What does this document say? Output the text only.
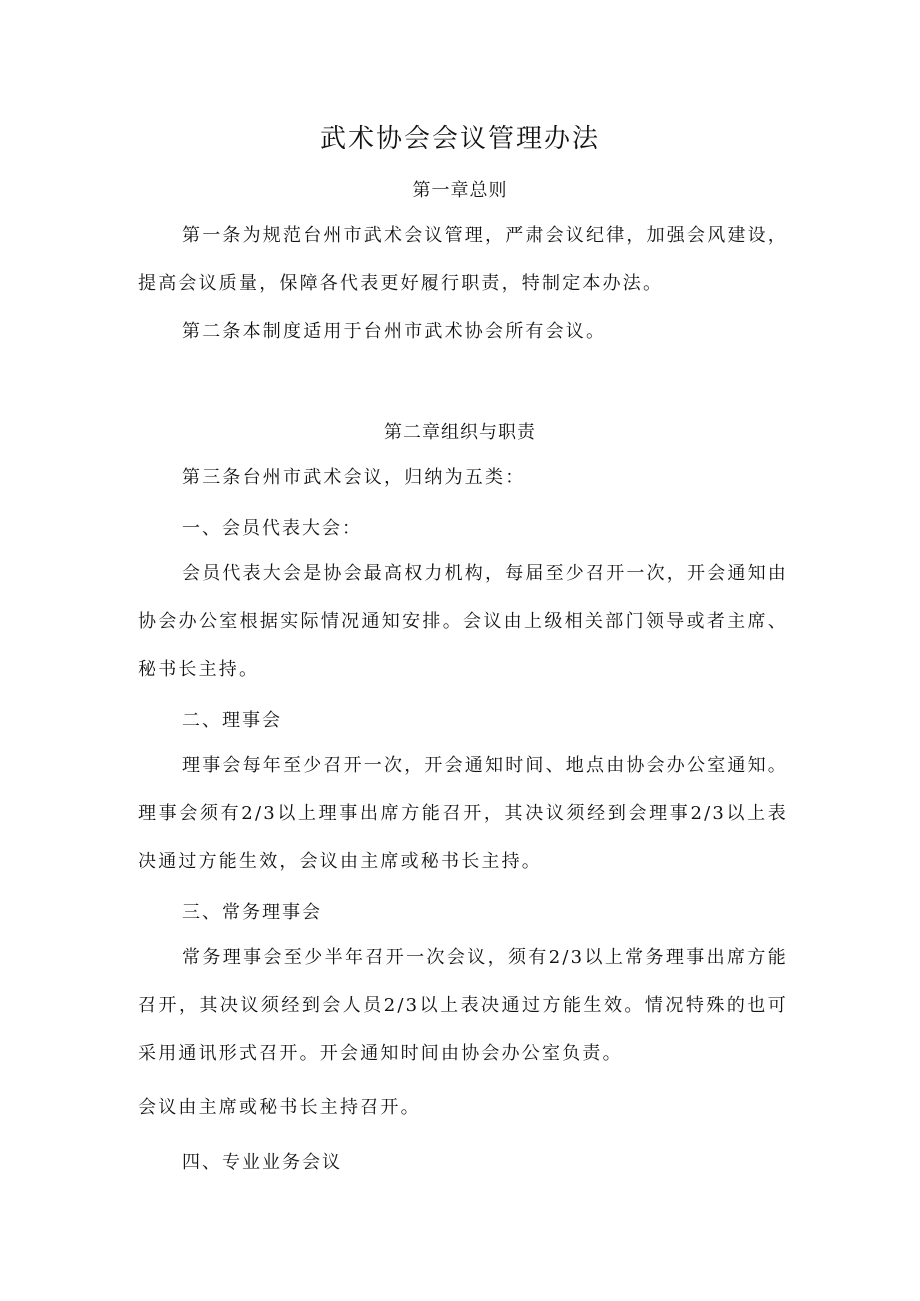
武术协会会议管理办法
第一章总则

第一条为规范台州市武术会议管理，严肃会议纪律，加强会风建设，提高会议质量，保障各代表更好履行职责，特制定本办法。

第二条本制度适用于台州市武术协会所有会议。

第二章组织与职责

第三条台州市武术会议，归纳为五类：

一、会员代表大会：

会员代表大会是协会最高权力机构，每届至少召开一次，开会通知由协会办公室根据实际情况通知安排。会议由上级相关部门领导或者主席、秘书长主持。

二、理事会

理事会每年至少召开一次，开会通知时间、地点由协会办公室通知。理事会须有2/3以上理事出席方能召开，其决议须经到会理事2/3以上表决通过方能生效，会议由主席或秘书长主持。

三、常务理事会

常务理事会至少半年召开一次会议，须有2/3以上常务理事出席方能召开，其决议须经到会人员2/3以上表决通过方能生效。情况特殊的也可采用通讯形式召开。开会通知时间由协会办公室负责。

会议由主席或秘书长主持召开。

四、专业业务会议
